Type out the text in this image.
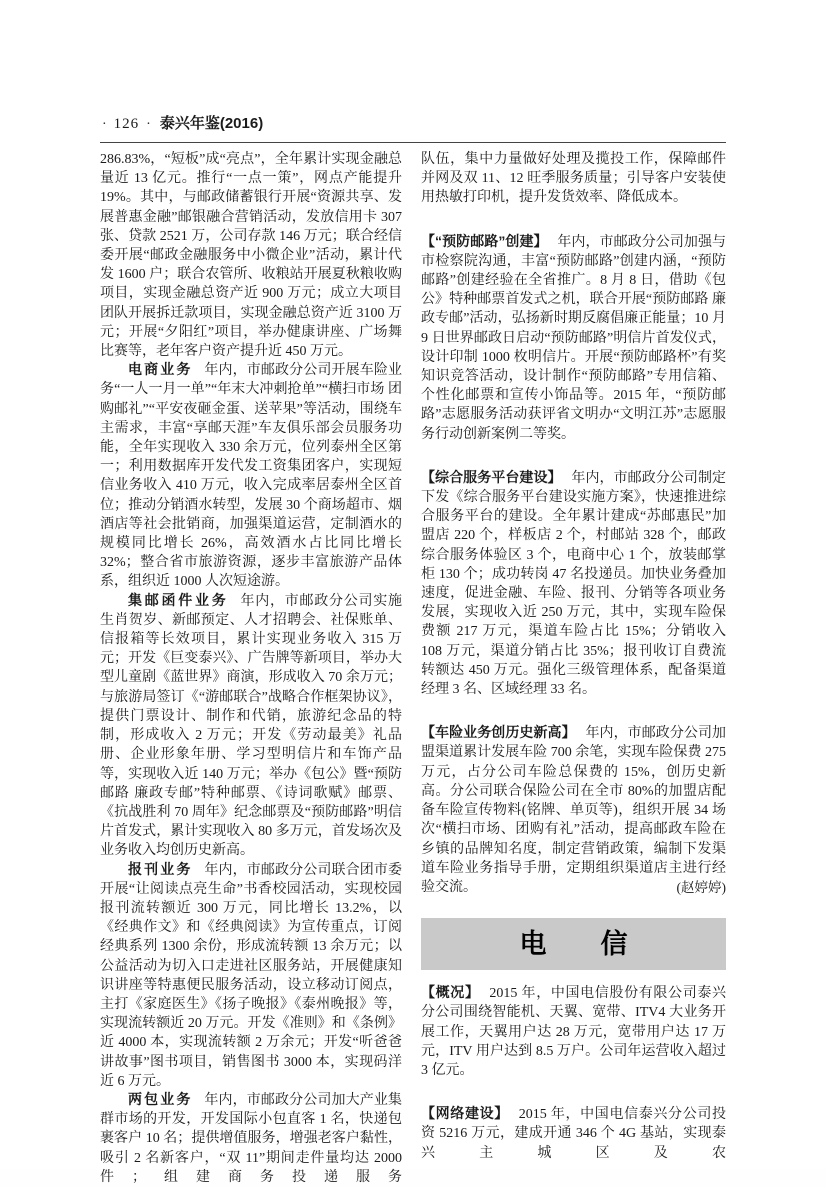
· 126 · 泰兴年鉴(2016)

286.83%，“短板”成“亮点”，全年累计实现金融总量近 13 亿元。推行“一点一策”，网点产能提升 19%。其中，与邮政储蓄银行开展“资源共享、发展普惠金融”邮银融合营销活动，发放信用卡 307 张、贷款 2521 万，公司存款 146 万元；联合经信委开展“邮政金融服务中小微企业”活动，累计代发 1600 户；联合农管所、收粮站开展夏秋粮收购项目，实现金融总资产近 900 万元；成立大项目团队开展拆迁款项目，实现金融总资产近 3100 万元；开展“夕阳红”项目，举办健康讲座、广场舞比赛等，老年客户资产提升近 450 万元。

电商业务 年内，市邮政分公司开展车险业务“一人一月一单”“年末大冲刺抢单”“横扫市场 团购邮礼”“平安夜砸金蛋、送苹果”等活动，围绕车主需求，丰富“享邮天涯”车友俱乐部会员服务功能，全年实现收入 330 余万元，位列泰州全区第一；利用数据库开发代发工资集团客户，实现短信业务收入 410 万元，收入完成率居泰州全区首位；推动分销酒水转型，发展 30 个商场超市、烟酒店等社会批销商，加强渠道运营，定制酒水的规模同比增长 26%，高效酒水占比同比增长 32%；整合省市旅游资源，逐步丰富旅游产品体系，组织近 1000 人次短途游。

集邮函件业务 年内，市邮政分公司实施生肖贺岁、新邮预定、人才招聘会、社保账单、信报箱等长效项目，累计实现业务收入 315 万元；开发《巨变泰兴》、广告牌等新项目，举办大型儿童剧《蓝世界》商演，形成收入 70 余万元；与旅游局签订《“游邮联合”战略合作框架协议》，提供门票设计、制作和代销，旅游纪念品的特制，形成收入 2 万元；开发《劳动最美》礼品册、企业形象年册、学习型明信片和车饰产品等，实现收入近 140 万元；举办《包公》暨“预防邮路 廉政专邮”特种邮票、《诗词歌赋》邮票、《抗战胜利 70 周年》纪念邮票及“预防邮路”明信片首发式，累计实现收入 80 多万元，首发场次及业务收入均创历史新高。

报刊业务 年内，市邮政分公司联合团市委开展“让阅读点亮生命”书香校园活动，实现校园报刊流转额近 300 万元，同比增长 13.2%，以《经典作文》和《经典阅读》为宣传重点，订阅经典系列 1300 余份，形成流转额 13 余万元；以公益活动为切入口走进社区服务站，开展健康知识讲座等特惠便民服务活动，设立移动订阅点，主打《家庭医生》《扬子晚报》《泰州晚报》等，实现流转额近 20 万元。开发《准则》和《条例》近 4000 本，实现流转额 2 万余元；开发“听爸爸讲故事”图书项目，销售图书 3000 本，实现码洋近 6 万元。

两包业务 年内，市邮政分公司加大产业集群市场的开发，开发国际小包直客 1 名，快递包裹客户 10 名；提供增值服务，增强老客户黏性，吸引 2 名新客户，“双 11”期间走件量均达 2000 件；组建商务投递服务

队伍，集中力量做好处理及揽投工作，保障邮件并网及双 11、12 旺季服务质量；引导客户安装使用热敏打印机，提升发货效率、降低成本。

【“预防邮路”创建】 年内，市邮政分公司加强与市检察院沟通，丰富“预防邮路”创建内涵，“预防邮路”创建经验在全省推广。8 月 8 日，借助《包公》特种邮票首发式之机，联合开展“预防邮路 廉政专邮”活动，弘扬新时期反腐倡廉正能量；10 月 9 日世界邮政日启动“预防邮路”明信片首发仪式，设计印制 1000 枚明信片。开展“预防邮路杯”有奖知识竞答活动，设计制作“预防邮路”专用信箱、个性化邮票和宣传小饰品等。2015 年，“预防邮路”志愿服务活动获评省文明办“文明江苏”志愿服务行动创新案例二等奖。

【综合服务平台建设】 年内，市邮政分公司制定下发《综合服务平台建设实施方案》，快速推进综合服务平台的建设。全年累计建成“苏邮惠民”加盟店 220 个，样板店 2 个，村邮站 328 个，邮政综合服务体验区 3 个，电商中心 1 个，放装邮掌柜 130 个；成功转岗 47 名投递员。加快业务叠加速度，促进金融、车险、报刊、分销等各项业务发展，实现收入近 250 万元，其中，实现车险保费额 217 万元，渠道车险占比 15%；分销收入 108 万元，渠道分销占比 35%；报刊收订自费流转额达 450 万元。强化三级管理体系，配备渠道经理 3 名、区域经理 33 名。

【车险业务创历史新高】 年内，市邮政分公司加盟渠道累计发展车险 700 余笔，实现车险保费 275 万元，占分公司车险总保费的 15%，创历史新高。分公司联合保险公司在全市 80%的加盟店配备车险宣传物料(铭牌、单页等)，组织开展 34 场次“横扫市场、团购有礼”活动，提高邮政车险在乡镇的品牌知名度，制定营销政策，编制下发渠道车险业务指导手册，定期组织渠道店主进行经验交流。	(赵婷婷)

电　　信

【概况】 2015 年，中国电信股份有限公司泰兴分公司围绕智能机、天翼、宽带、ITV4 大业务开展工作，天翼用户达 28 万元，宽带用户达 17 万元，ITV 用户达到 8.5 万户。公司年运营收入超过 3 亿元。

【网络建设】 2015 年，中国电信泰兴分公司投资 5216 万元，建成开通 346 个 4G 基站，实现泰兴主城区及农
